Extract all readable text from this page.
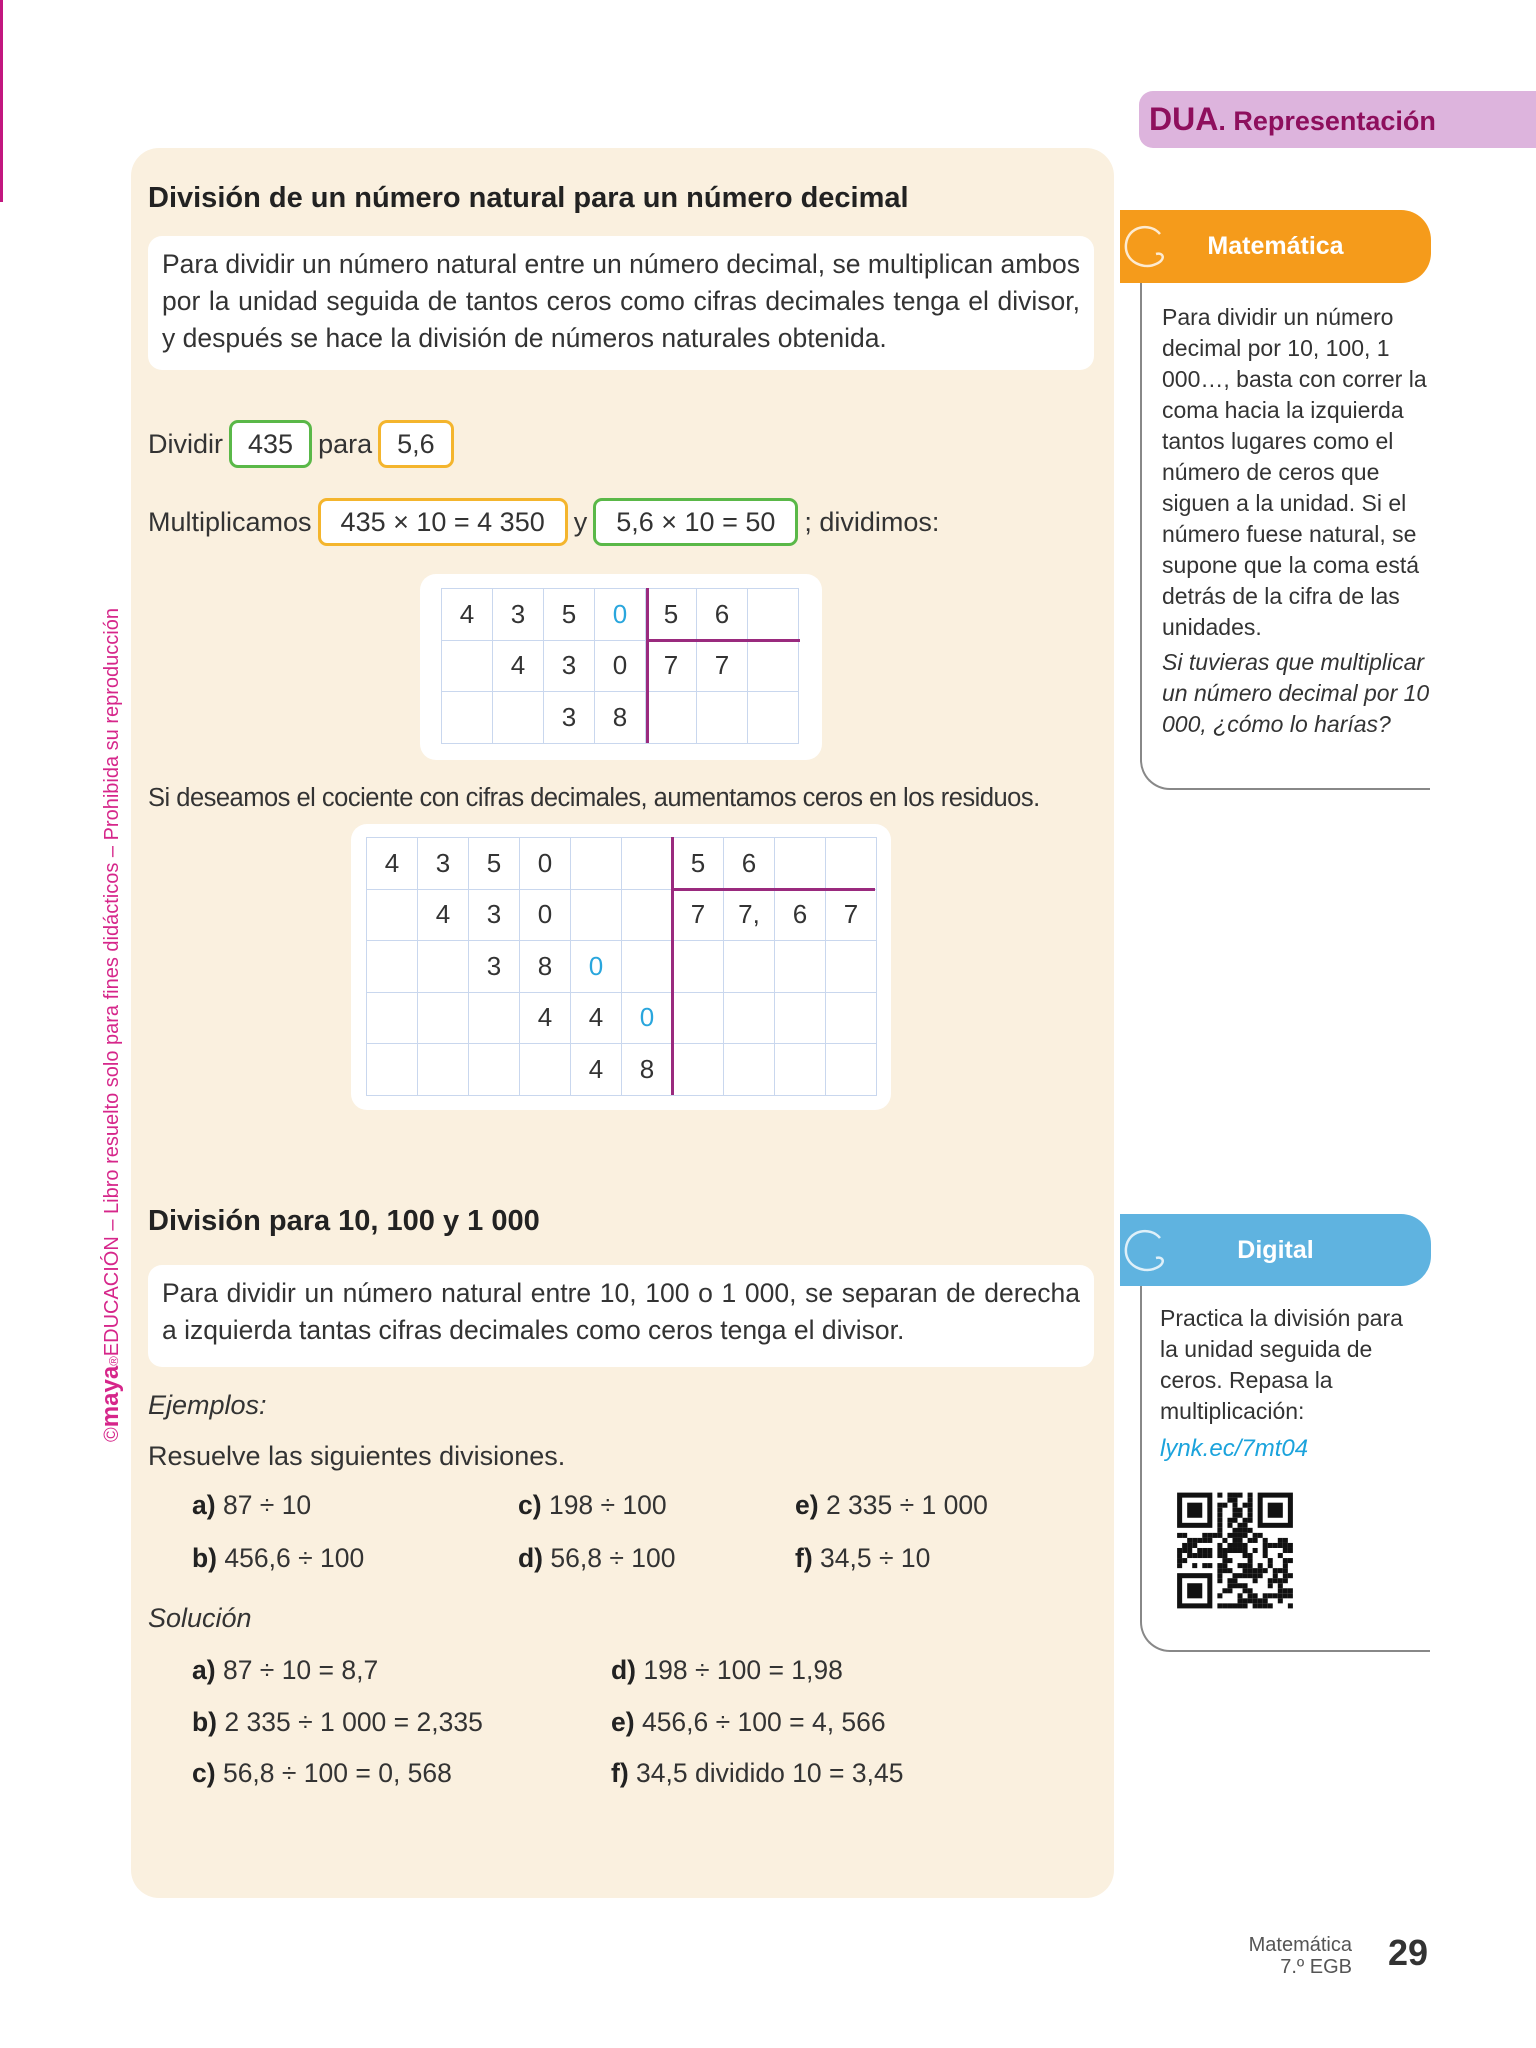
DUA. Representación
©maya®EDUCACIÓN – Libro resuelto solo para fines didácticos – Prohibida su reproducción
División de un número natural para un número decimal
Para dividir un número natural entre un número decimal, se multiplican ambos por la unidad seguida de tantos ceros como cifras decimales tenga el divisor, y después se hace la división de números naturales obtenida.
Dividir 435 para 5,6
Multiplicamos	435 × 10 = 4 350	y	5,6 × 10 = 50	; dividimos:
4	3	5	0	5	6	
	4	3	0	7	7	
		3	8			
Si deseamos el cociente con cifras decimales, aumentamos ceros en los residuos.
4	3	5	0			5	6		
	4	3	0			7	7,	6	7
		3	8	0					
			4	4	0				
				4	8				
División para 10, 100 y 1 000
Para dividir un número natural entre 10, 100 o 1 000, se separan de derecha a izquierda tantas cifras decimales como ceros tenga el divisor.
Ejemplos:
Resuelve las siguientes divisiones.
a) 87 ÷ 10	c) 198 ÷ 100	e) 2 335 ÷ 1 000
b) 456,6 ÷ 100	d) 56,8 ÷ 100	f) 34,5 ÷ 10
Solución
a) 87 ÷ 10 = 8,7	d) 198 ÷ 100 = 1,98
b) 2 335 ÷ 1 000 = 2,335	e) 456,6 ÷ 100 = 4, 566
c) 56,8 ÷ 100 = 0, 568	f) 34,5 dividido 10 = 3,45
Matemática
Para dividir un número decimal por 10, 100, 1 000…, basta con correr la coma hacia la izquierda tantos lugares como el número de ceros que siguen a la unidad. Si el número fuese natural, se supone que la coma está detrás de la cifra de las unidades.
Si tuvieras que multiplicar un número decimal por 10 000, ¿cómo lo harías?
Digital
Practica la división para la unidad seguida de ceros. Repasa la multiplicación:
lynk.ec/7mt04
Matemática
7.º EGB 29
